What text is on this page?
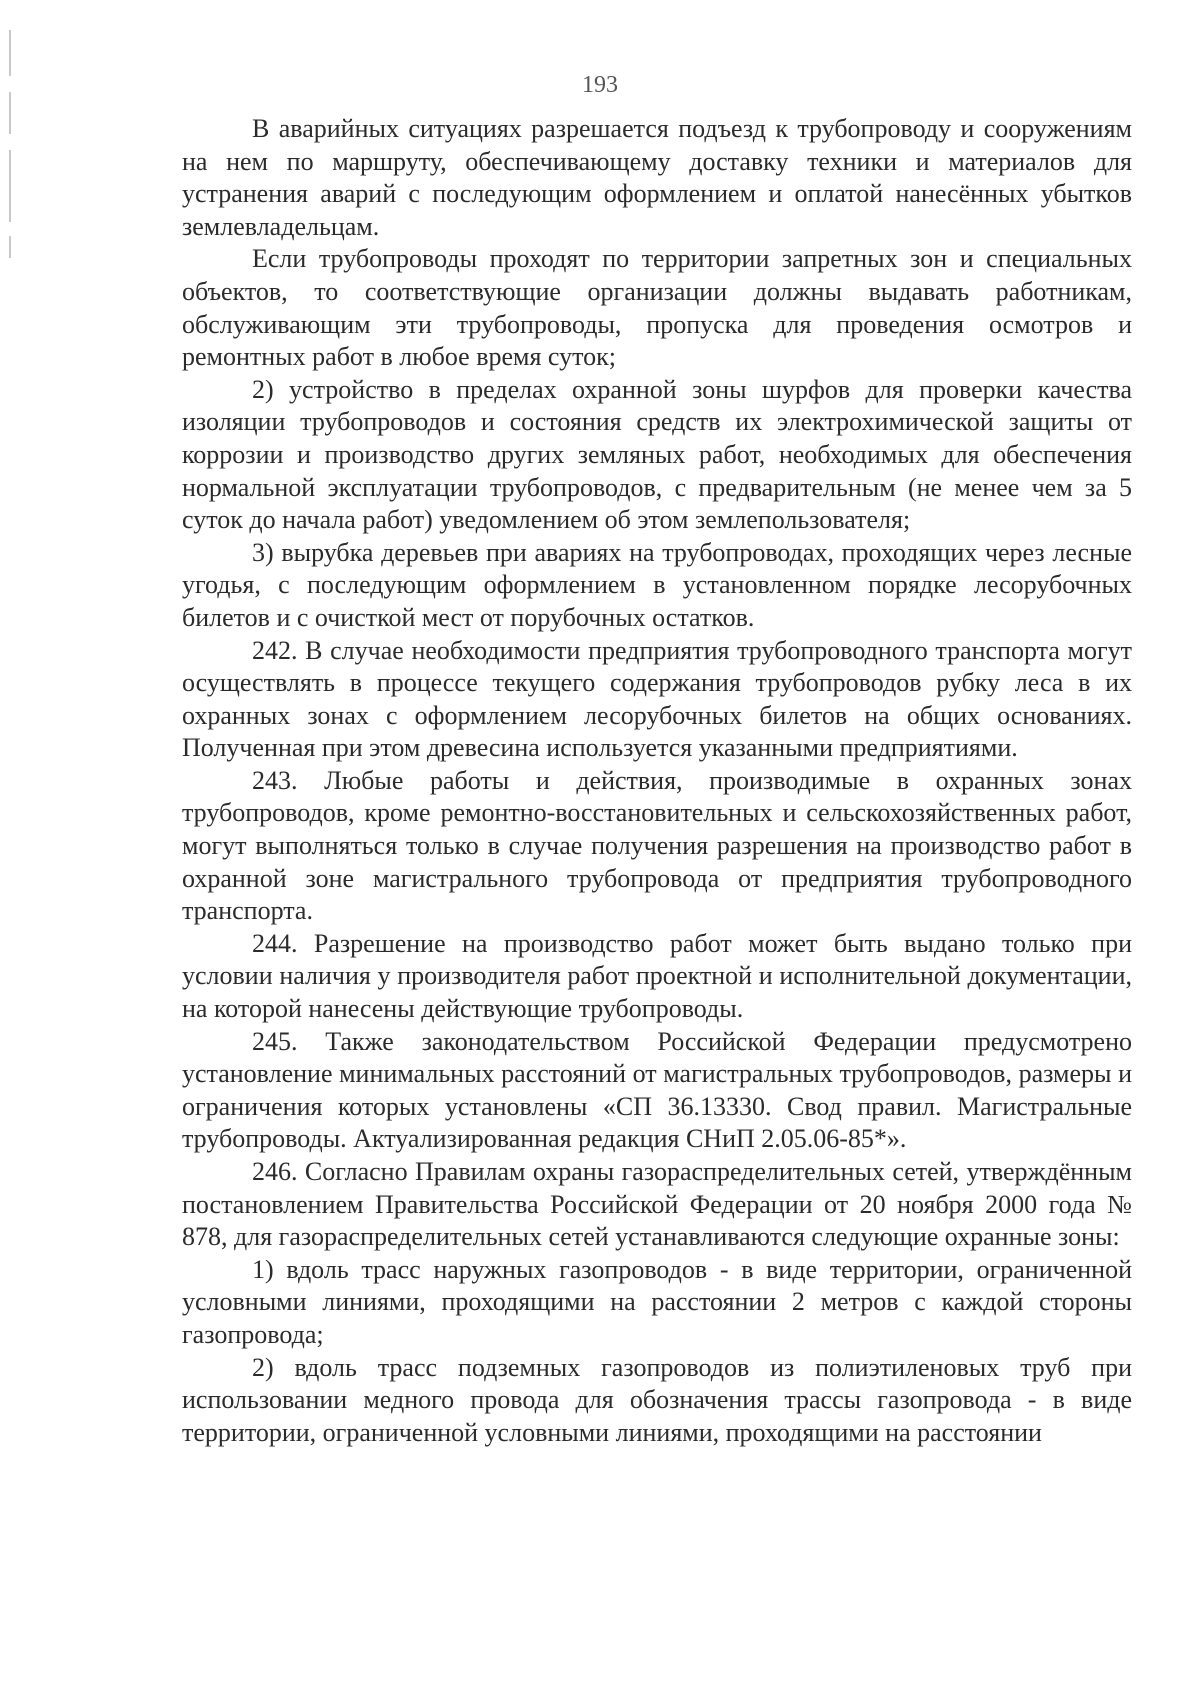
193

В аварийных ситуациях разрешается подъезд к трубопроводу и сооружениям на нем по маршруту, обеспечивающему доставку техники и материалов для устранения аварий с последующим оформлением и оплатой нанесённых убытков землевладельцам.

Если трубопроводы проходят по территории запретных зон и специальных объектов, то соответствующие организации должны выдавать работникам, обслуживающим эти трубопроводы, пропуска для проведения осмотров и ремонтных работ в любое время суток;

2) устройство в пределах охранной зоны шурфов для проверки качества изоляции трубопроводов и состояния средств их электрохимической защиты от коррозии и производство других земляных работ, необходимых для обеспечения нормальной эксплуатации трубопроводов, с предварительным (не менее чем за 5 суток до начала работ) уведомлением об этом землепользователя;

3) вырубка деревьев при авариях на трубопроводах, проходящих через лесные угодья, с последующим оформлением в установленном порядке лесорубочных билетов и с очисткой мест от порубочных остатков.

242. В случае необходимости предприятия трубопроводного транспорта могут осуществлять в процессе текущего содержания трубопроводов рубку леса в их охранных зонах с оформлением лесорубочных билетов на общих основаниях. Полученная при этом древесина используется указанными предприятиями.

243. Любые работы и действия, производимые в охранных зонах трубопроводов, кроме ремонтно-восстановительных и сельскохозяйственных работ, могут выполняться только в случае получения разрешения на производство работ в охранной зоне магистрального трубопровода от предприятия трубопроводного транспорта.

244. Разрешение на производство работ может быть выдано только при условии наличия у производителя работ проектной и исполнительной документации, на которой нанесены действующие трубопроводы.

245. Также законодательством Российской Федерации предусмотрено установление минимальных расстояний от магистральных трубопроводов, размеры и ограничения которых установлены «СП 36.13330. Свод правил. Магистральные трубопроводы. Актуализированная редакция СНиП 2.05.06-85*».

246. Согласно Правилам охраны газораспределительных сетей, утверждённым постановлением Правительства Российской Федерации от 20 ноября 2000 года № 878, для газораспределительных сетей устанавливаются следующие охранные зоны:

1) вдоль трасс наружных газопроводов - в виде территории, ограниченной условными линиями, проходящими на расстоянии 2 метров с каждой стороны газопровода;

2) вдоль трасс подземных газопроводов из полиэтиленовых труб при использовании медного провода для обозначения трассы газопровода - в виде территории, ограниченной условными линиями, проходящими на расстоянии
